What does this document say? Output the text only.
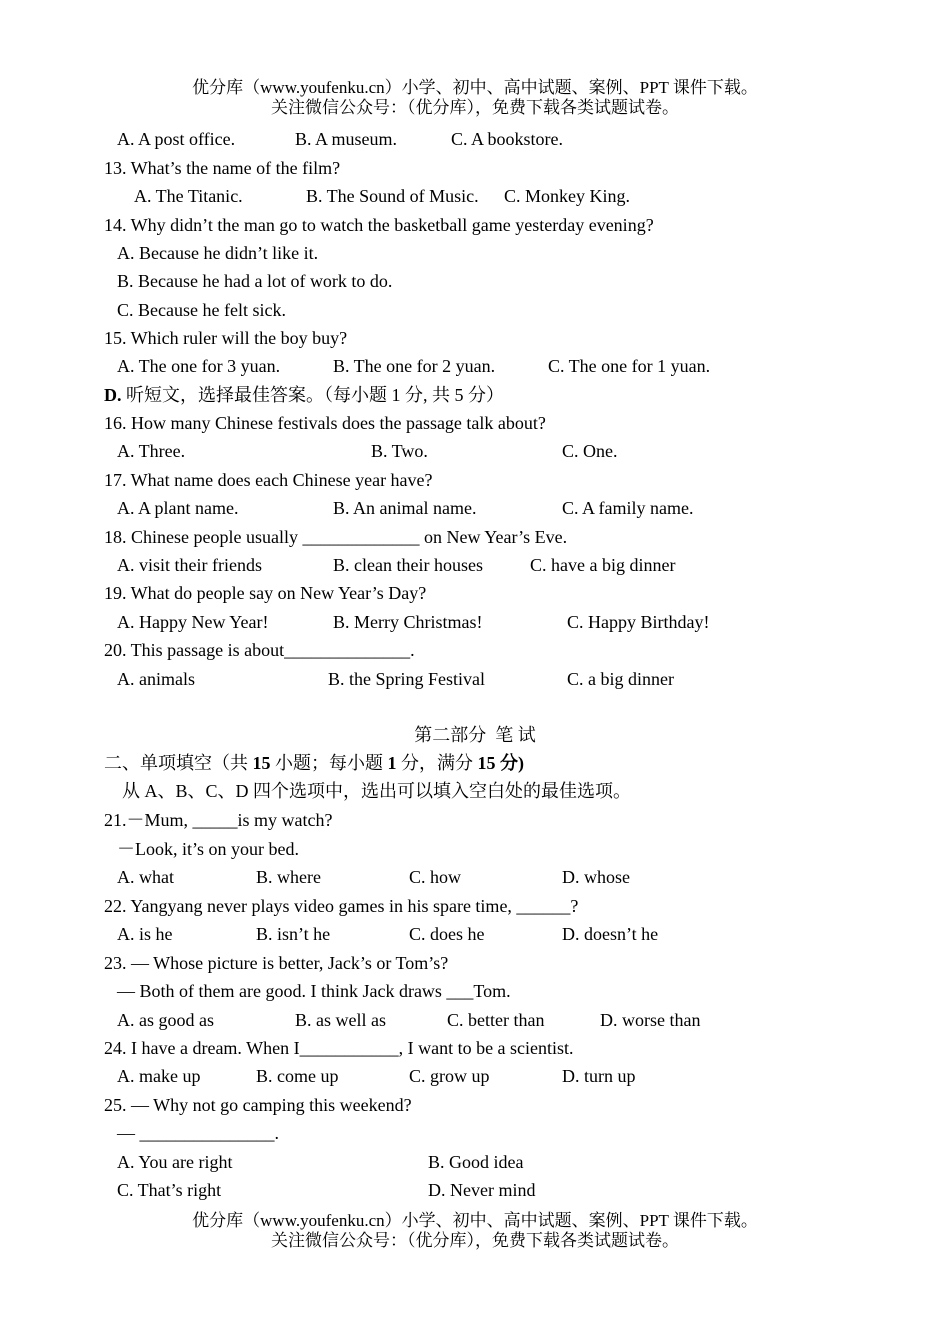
优分库（www.youfenku.cn）小学、初中、高中试题、案例、PPT 课件下载。
关注微信公众号：（优分库），免费下载各类试题试卷。
A. A post office.	B. A museum.	C. A bookstore.
13. What’s the name of the film?
A. The Titanic.	B. The Sound of Music. C. Monkey King.
14. Why didn’t the man go to watch the basketball game yesterday evening?
A. Because he didn’t like it.
B. Because he had a lot of work to do.
C. Because he felt sick.
15. Which ruler will the boy buy?
A. The one for 3 yuan.	B. The one for 2 yuan.	C. The one for 1 yuan.
D. 听短文，选择最佳答案。（每小题 1 分, 共 5 分）
16. How many Chinese festivals does the passage talk about?
A. Three.	B. Two.	C. One.
17. What name does each Chinese year have?
A. A plant name.	B. An animal name.	C. A family name.
18. Chinese people usually _____________ on New Year’s Eve.
A. visit their friends	B. clean their houses	C. have a big dinner
19. What do people say on New Year’s Day?
A. Happy New Year!	B. Merry Christmas!	C. Happy Birthday!
20. This passage is about______________.
A. animals	B. the Spring Festival	C. a big dinner
第二部分  笔 试
二、单项填空（共 15 小题；每小题 1 分，满分 15 分)
从 A、B、C、D 四个选项中，选出可以填入空白处的最佳选项。
21.－Mum, _____is my watch?
－Look, it’s on your bed.
A. what	B. where	C. how	D. whose
22. Yangyang never plays video games in his spare time, ______?
A. is he	B. isn’t he	C. does he	D. doesn’t he
23. — Whose picture is better, Jack’s or Tom’s?
— Both of them are good. I think Jack draws ___Tom.
A. as good as	B. as well as	C. better than	D. worse than
24. I have a dream. When I___________, I want to be a scientist.
A. make up	B. come up	C. grow up	D. turn up
25. — Why not go camping this weekend?
— _______________.
A. You are right	B. Good idea
C. That’s right	D. Never mind
优分库（www.youfenku.cn）小学、初中、高中试题、案例、PPT 课件下载。
关注微信公众号：（优分库），免费下载各类试题试卷。
